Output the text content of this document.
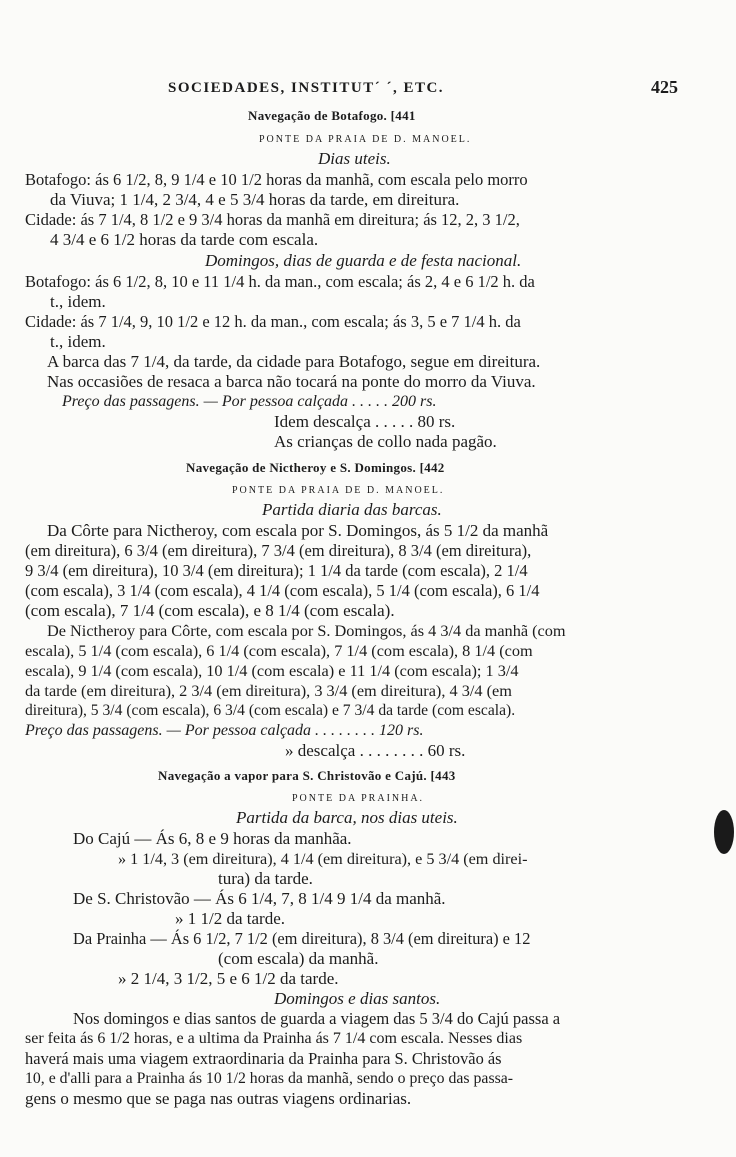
SOCIEDADES, INSTITUT´ ´, ETC.	425
Navegação de Botafogo. [441
PONTE DA PRAIA DE D. MANOEL.
Dias uteis.
Botafogo: ás 6 1/2, 8, 9 1/4 e 10 1/2 horas da manhã, com escala pelo morro
da Viuva; 1 1/4, 2 3/4, 4 e 5 3/4 horas da tarde, em direitura.
Cidade: ás 7 1/4, 8 1/2 e 9 3/4 horas da manhã em direitura; ás 12, 2, 3 1/2,
4 3/4 e 6 1/2 horas da tarde com escala.
Domingos, dias de guarda e de festa nacional.
Botafogo: ás 6 1/2, 8, 10 e 11 1/4 h. da man., com escala; ás 2, 4 e 6 1/2 h. da
t., idem.
Cidade: ás 7 1/4, 9, 10 1/2 e 12 h. da man., com escala; ás 3, 5 e 7 1/4 h. da
t., idem.
A barca das 7 1/4, da tarde, da cidade para Botafogo, segue em direitura.
Nas occasiões de resaca a barca não tocará na ponte do morro da Viuva.
Preço das passagens. — Por pessoa calçada . . . . . 200 rs.
Idem descalça . . . . . 80 rs.
As crianças de collo nada pagão.
Navegação de Nictheroy e S. Domingos. [442
PONTE DA PRAIA DE D. MANOEL.
Partida diaria das barcas.
Da Côrte para Nictheroy, com escala por S. Domingos, ás 5 1/2 da manhã
(em direitura), 6 3/4 (em direitura), 7 3/4 (em direitura), 8 3/4 (em direitura),
9 3/4 (em direitura), 10 3/4 (em direitura); 1 1/4 da tarde (com escala), 2 1/4
(com escala), 3 1/4 (com escala), 4 1/4 (com escala), 5 1/4 (com escala), 6 1/4
(com escala), 7 1/4 (com escala), e 8 1/4 (com escala).
De Nictheroy para Côrte, com escala por S. Domingos, ás 4 3/4 da manhã (com
escala), 5 1/4 (com escala), 6 1/4 (com escala), 7 1/4 (com escala), 8 1/4 (com
escala), 9 1/4 (com escala), 10 1/4 (com escala) e 11 1/4 (com escala); 1 3/4
da tarde (em direitura), 2 3/4 (em direitura), 3 3/4 (em direitura), 4 3/4 (em
direitura), 5 3/4 (com escala), 6 3/4 (com escala) e 7 3/4 da tarde (com escala).
Preço das passagens. — Por pessoa calçada . . . . . . . . 120 rs.
» descalça . . . . . . . . 60 rs.
Navegação a vapor para S. Christovão e Cajú. [443
PONTE DA PRAINHA.
Partida da barca, nos dias uteis.
Do Cajú — Ás 6, 8 e 9 horas da manhãa.
» 1 1/4, 3 (em direitura), 4 1/4 (em direitura), e 5 3/4 (em direi-
tura) da tarde.
De S. Christovão — Ás 6 1/4, 7, 8 1/4 9 1/4 da manhã.
» 1 1/2 da tarde.
Da Prainha — Ás 6 1/2, 7 1/2 (em direitura), 8 3/4 (em direitura) e 12
(com escala) da manhã.
» 2 1/4, 3 1/2, 5 e 6 1/2 da tarde.
Domingos e dias santos.
Nos domingos e dias santos de guarda a viagem das 5 3/4 do Cajú passa a
ser feita ás 6 1/2 horas, e a ultima da Prainha ás 7 1/4 com escala. Nesses dias
haverá mais uma viagem extraordinaria da Prainha para S. Christovão ás
10, e d'alli para a Prainha ás 10 1/2 horas da manhã, sendo o preço das passa-
gens o mesmo que se paga nas outras viagens ordinarias.
